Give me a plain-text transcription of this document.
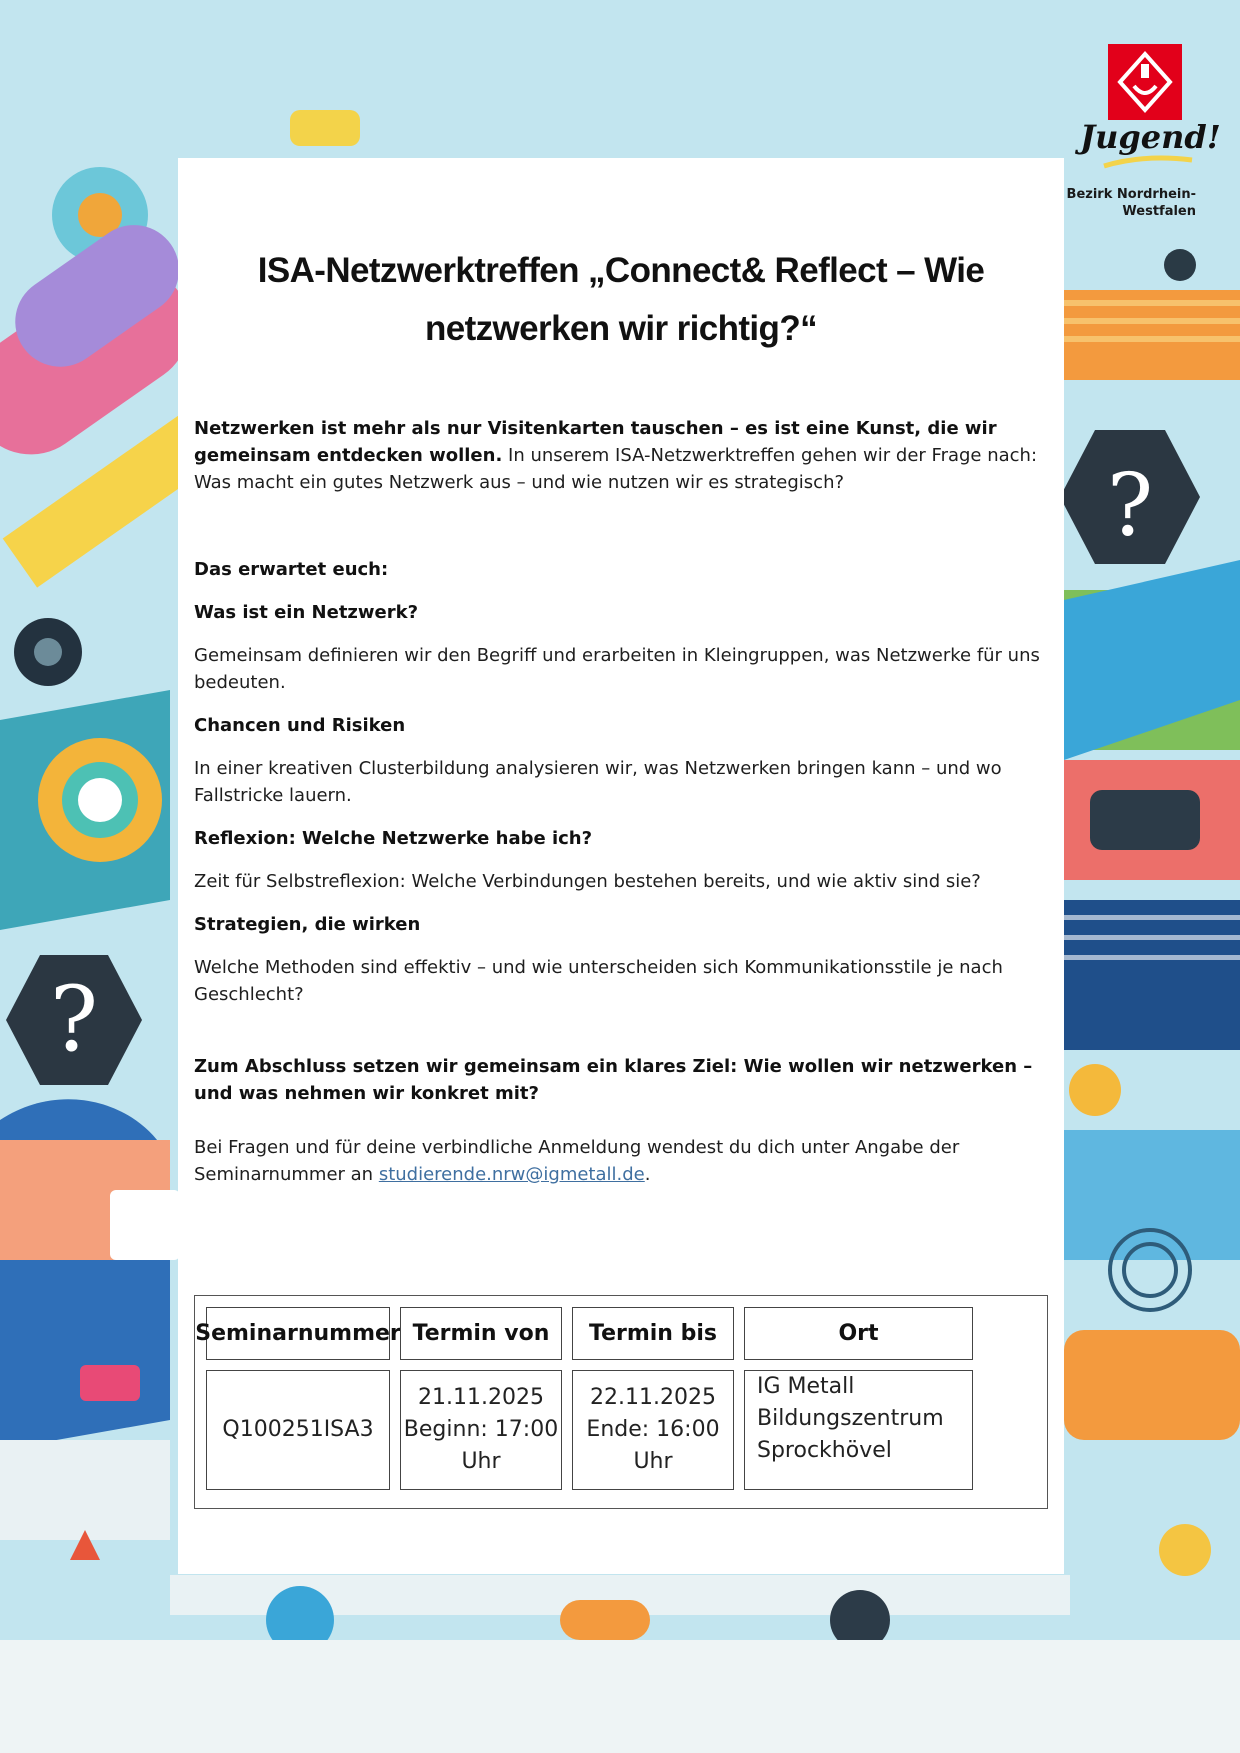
?
?
Jugend!
Bezirk Nordrhein-
Westfalen
ISA-Netzwerktreffen „Connect& Reflect – Wie
netzwerken wir richtig?“

Netzwerken ist mehr als nur Visitenkarten tauschen – es ist eine Kunst, die wir gemeinsam entdecken wollen. In unserem ISA-Netzwerktreffen gehen wir der Frage nach: Was macht ein gutes Netzwerk aus – und wie nutzen wir es strategisch?

Das erwartet euch:

Was ist ein Netzwerk?

Gemeinsam definieren wir den Begriff und erarbeiten in Kleingruppen, was Netzwerke für uns bedeuten.

Chancen und Risiken

In einer kreativen Clusterbildung analysieren wir, was Netzwerken bringen kann – und wo Fallstricke lauern.

Reflexion: Welche Netzwerke habe ich?

Zeit für Selbstreflexion: Welche Verbindungen bestehen bereits, und wie aktiv sind sie?

Strategien, die wirken

Welche Methoden sind effektiv – und wie unterscheiden sich Kommunikationsstile je nach Geschlecht?

Zum Abschluss setzen wir gemeinsam ein klares Ziel: Wie wollen wir netzwerken – und was nehmen wir konkret mit?

Bei Fragen und für deine verbindliche Anmeldung wendest du dich unter Angabe der Seminarnummer an studierende.nrw@igmetall.de.

Seminarnummer Termin von	Termin bis	Ort
Q100251ISA3
21.11.2025
Beginn: 17:00
Uhr
22.11.2025
Ende: 16:00
Uhr
IG Metall
Bildungszentrum
Sprockhövel
